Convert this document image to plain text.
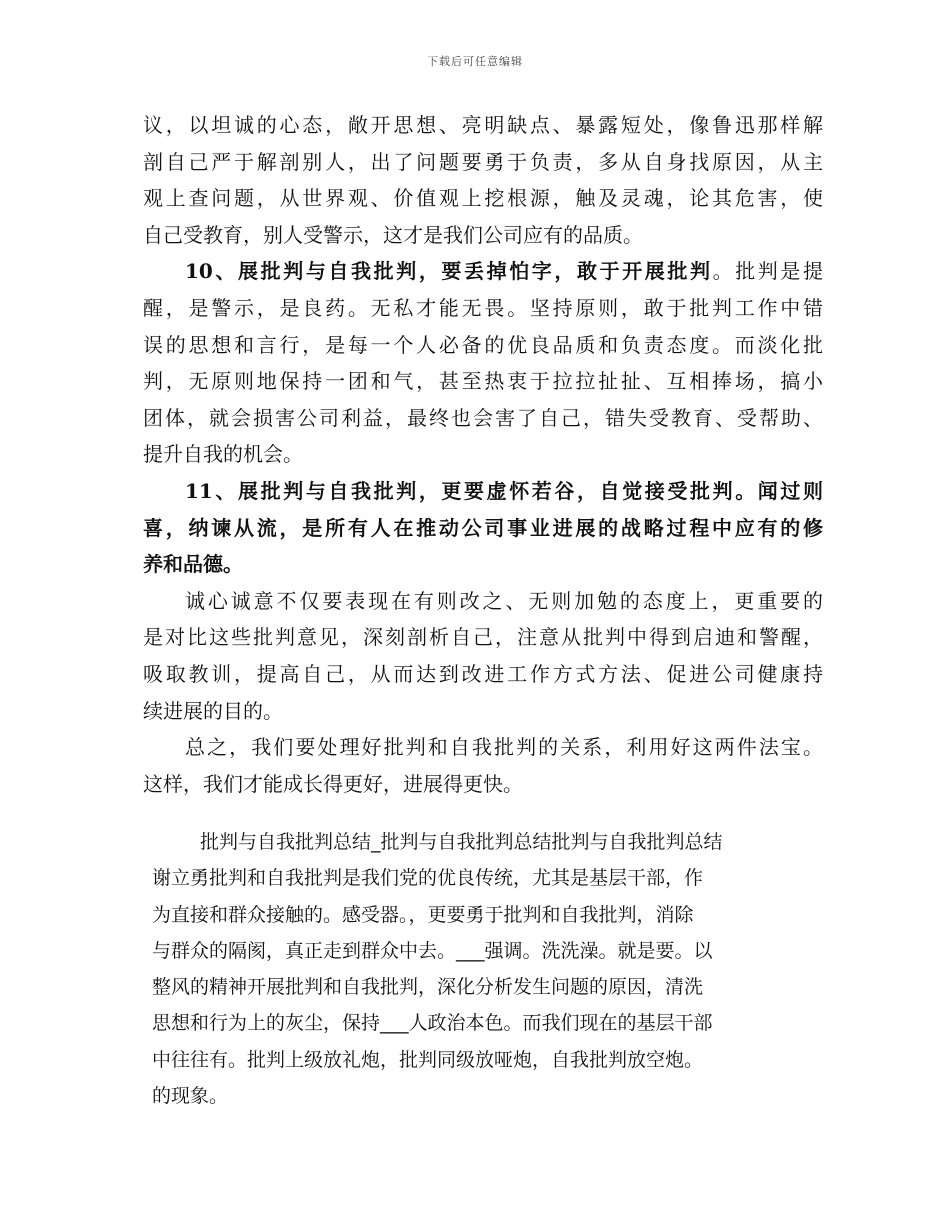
下载后可任意编辑

议，以坦诚的心态，敞开思想、亮明缺点、暴露短处，像鲁迅那样解
剖自己严于解剖别人，出了问题要勇于负责，多从自身找原因，从主
观上查问题，从世界观、价值观上挖根源，触及灵魂，论其危害，使
自己受教育，别人受警示，这才是我们公司应有的品质。

10、展批判与自我批判，要丢掉怕字，敢于开展批判。批判是提
醒，是警示，是良药。无私才能无畏。坚持原则，敢于批判工作中错
误的思想和言行，是每一个人必备的优良品质和负责态度。而淡化批
判，无原则地保持一团和气，甚至热衷于拉拉扯扯、互相捧场，搞小
团体，就会损害公司利益，最终也会害了自己，错失受教育、受帮助、
提升自我的机会。

11、展批判与自我批判，更要虚怀若谷，自觉接受批判。闻过则
喜，纳谏从流，是所有人在推动公司事业进展的战略过程中应有的修
养和品德。

诚心诚意不仅要表现在有则改之、无则加勉的态度上，更重要的
是对比这些批判意见，深刻剖析自己，注意从批判中得到启迪和警醒，
吸取教训，提高自己，从而达到改进工作方式方法、促进公司健康持
续进展的目的。

总之，我们要处理好批判和自我批判的关系，利用好这两件法宝。
这样，我们才能成长得更好，进展得更快。

批判与自我批判总结_批判与自我批判总结批判与自我批判总结
谢立勇批判和自我批判是我们党的优良传统，尤其是基层干部，作
为直接和群众接触的。感受器。，更要勇于批判和自我批判，消除
与群众的隔阂，真正走到群众中去。___强调。洗洗澡。就是要。以
整风的精神开展批判和自我批判，深化分析发生问题的原因，清洗
思想和行为上的灰尘，保持___人政治本色。而我们现在的基层干部
中往往有。批判上级放礼炮，批判同级放哑炮，自我批判放空炮。
的现象。
